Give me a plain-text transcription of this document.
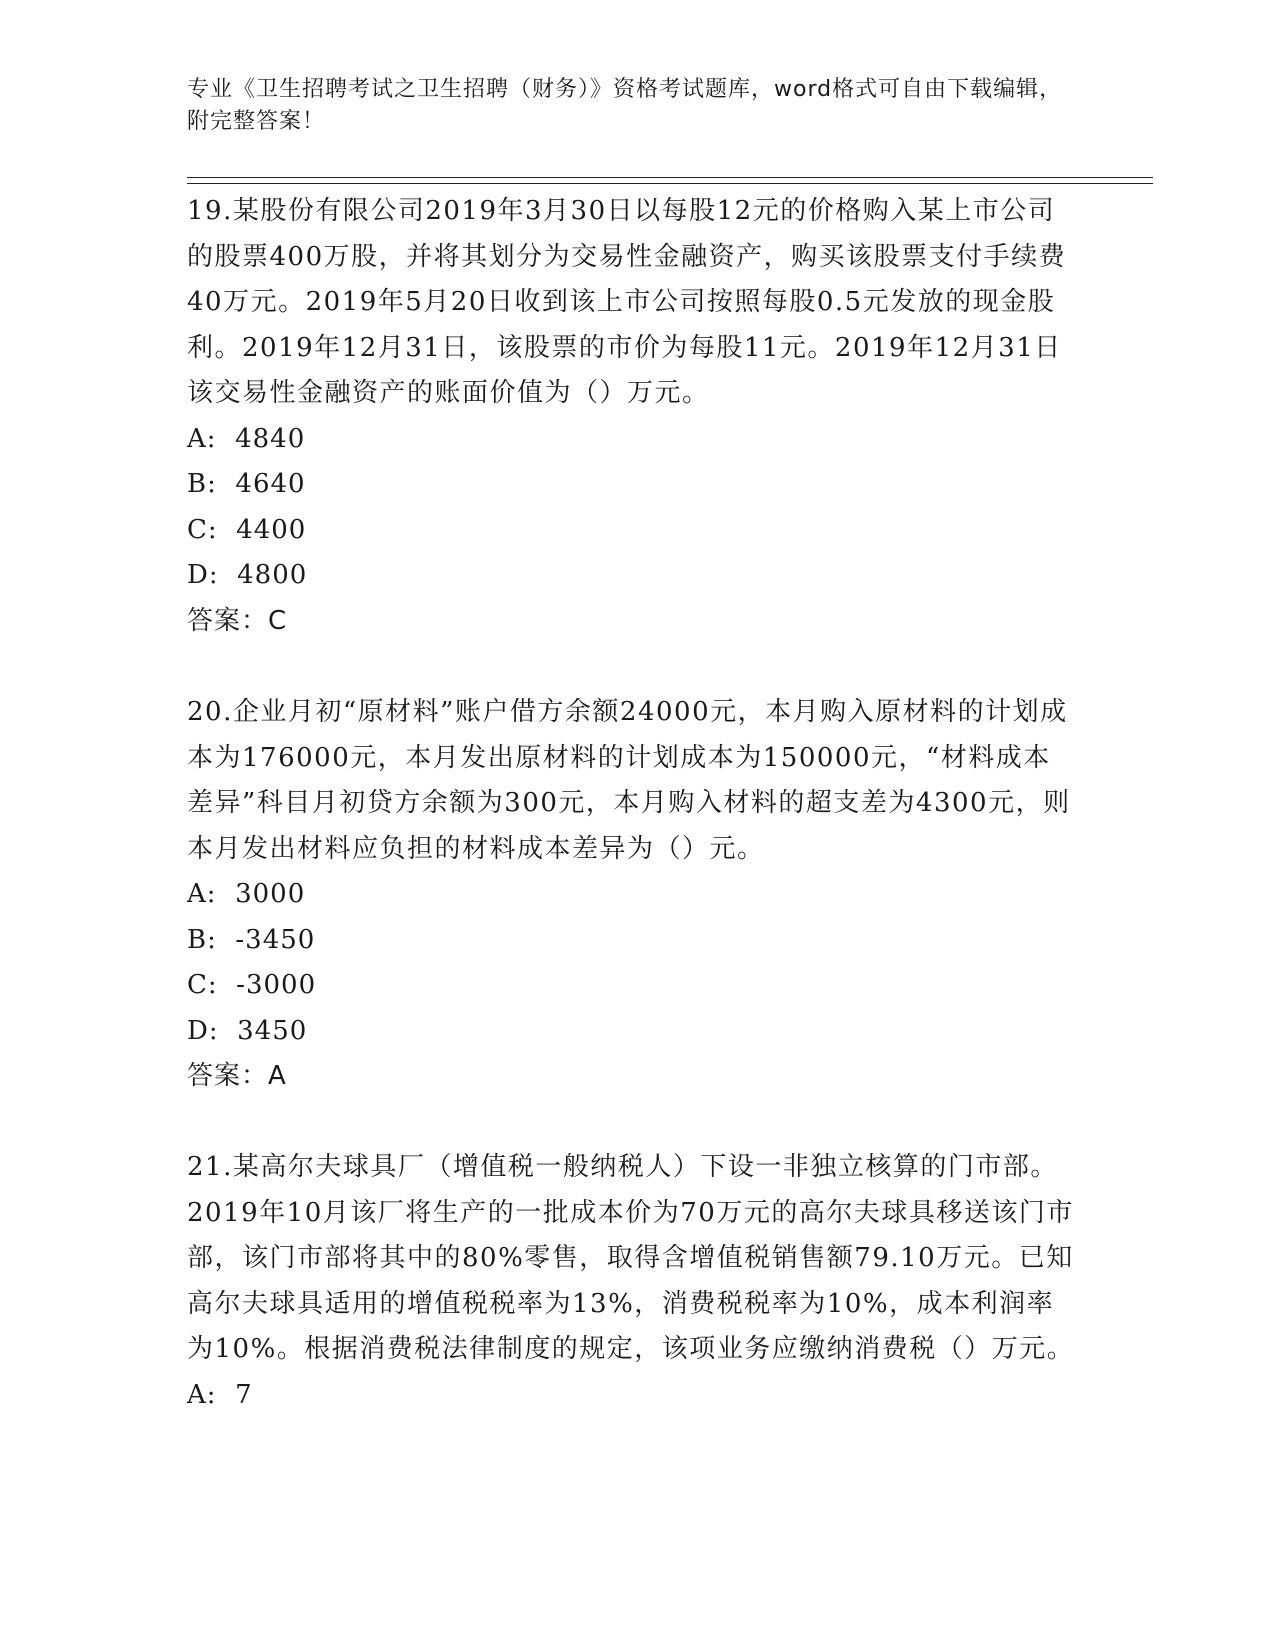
专业《卫生招聘考试之卫生招聘（财务）》资格考试题库，word格式可自由下载编辑，附完整答案！

19.某股份有限公司2019年3月30日以每股12元的价格购入某上市公司的股票400万股，并将其划分为交易性金融资产，购买该股票支付手续费40万元。2019年5月20日收到该上市公司按照每股0.5元发放的现金股利。2019年12月31日，该股票的市价为每股11元。2019年12月31日该交易性金融资产的账面价值为（）万元。

A:  4840

B:  4640

C:  4400

D:  4800

答案：C

20.企业月初“原材料”账户借方余额24000元，本月购入原材料的计划成本为176000元，本月发出原材料的计划成本为150000元，“材料成本差异”科目月初贷方余额为300元，本月购入材料的超支差为4300元，则本月发出材料应负担的材料成本差异为（）元。

A:  3000

B:  -3450

C:  -3000

D:  3450

答案：A

21.某高尔夫球具厂（增值税一般纳税人）下设一非独立核算的门市部。2019年10月该厂将生产的一批成本价为70万元的高尔夫球具移送该门市部，该门市部将其中的80%零售，取得含增值税销售额79.10万元。已知高尔夫球具适用的增值税税率为13%，消费税税率为10%，成本利润率为10%。根据消费税法律制度的规定，该项业务应缴纳消费税（）万元。

A:  7
